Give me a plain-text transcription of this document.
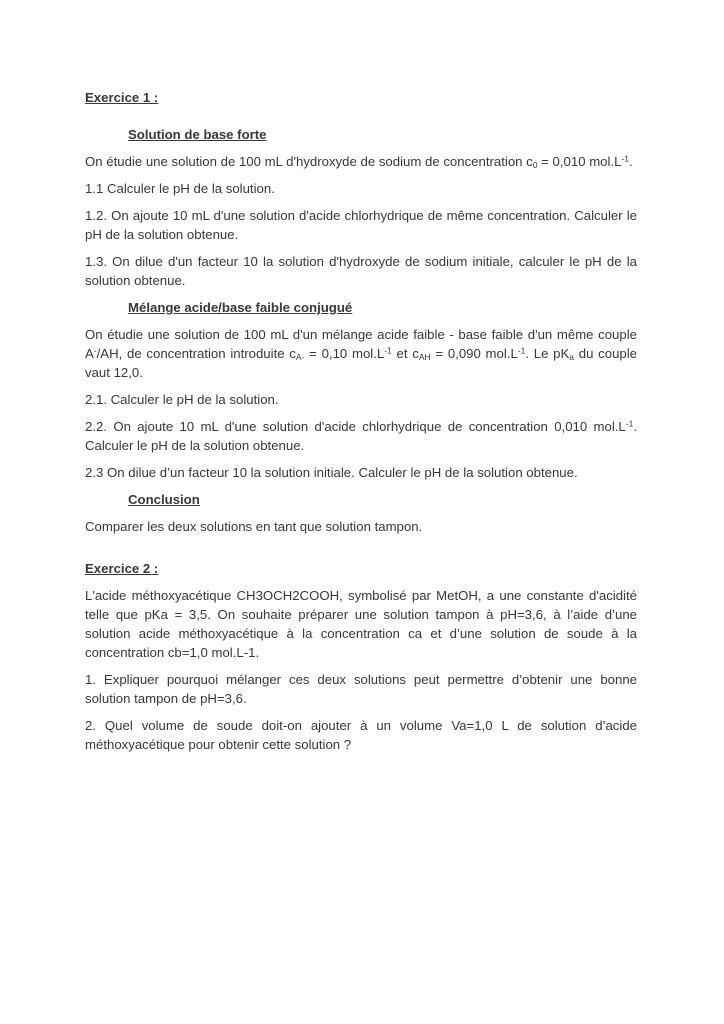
Exercice 1 :
Solution de base forte
On étudie une solution de 100 mL d'hydroxyde de sodium de concentration $c_0 = 0,010$ $mol.L^{-1}$.
1.1 Calculer le pH de la solution.
1.2. On ajoute 10 mL d'une solution d'acide chlorhydrique de même concentration. Calculer le pH de la solution obtenue.
1.3. On dilue d'un facteur 10 la solution d'hydroxyde de sodium initiale, calculer le pH de la solution obtenue.
Mélange acide/base faible conjugué
On étudie une solution de 100 mL d'un mélange acide faible - base faible d'un même couple A-/AH, de concentration introduite $c_{A-} = 0,10$ $mol.L^{-1}$ et $c_{AH} = 0,090$ $mol.L^{-1}$. Le $pK_a$ du couple vaut 12,0.
2.1. Calculer le pH de la solution.
2.2. On ajoute 10 mL d'une solution d'acide chlorhydrique de concentration 0,010 $mol.L^{-1}$. Calculer le pH de la solution obtenue.
2.3 On dilue d’un facteur 10 la solution initiale. Calculer le pH de la solution obtenue.
Conclusion
Comparer les deux solutions en tant que solution tampon.
Exercice 2 :
L'acide méthoxyacétique CH3OCH2COOH, symbolisé par MetOH, a une constante d'acidité telle que pKa = 3,5. On souhaite préparer une solution tampon à pH=3,6, à l’aide d’une solution acide méthoxyacétique à la concentration ca et d’une solution de soude à la concentration cb=1,0 mol.L-1.
1. Expliquer pourquoi mélanger ces deux solutions peut permettre d’obtenir une bonne solution tampon de pH=3,6.
2. Quel volume de soude doit-on ajouter à un volume Va=1,0 L de solution d’acide méthoxyacétique pour obtenir cette solution ?
